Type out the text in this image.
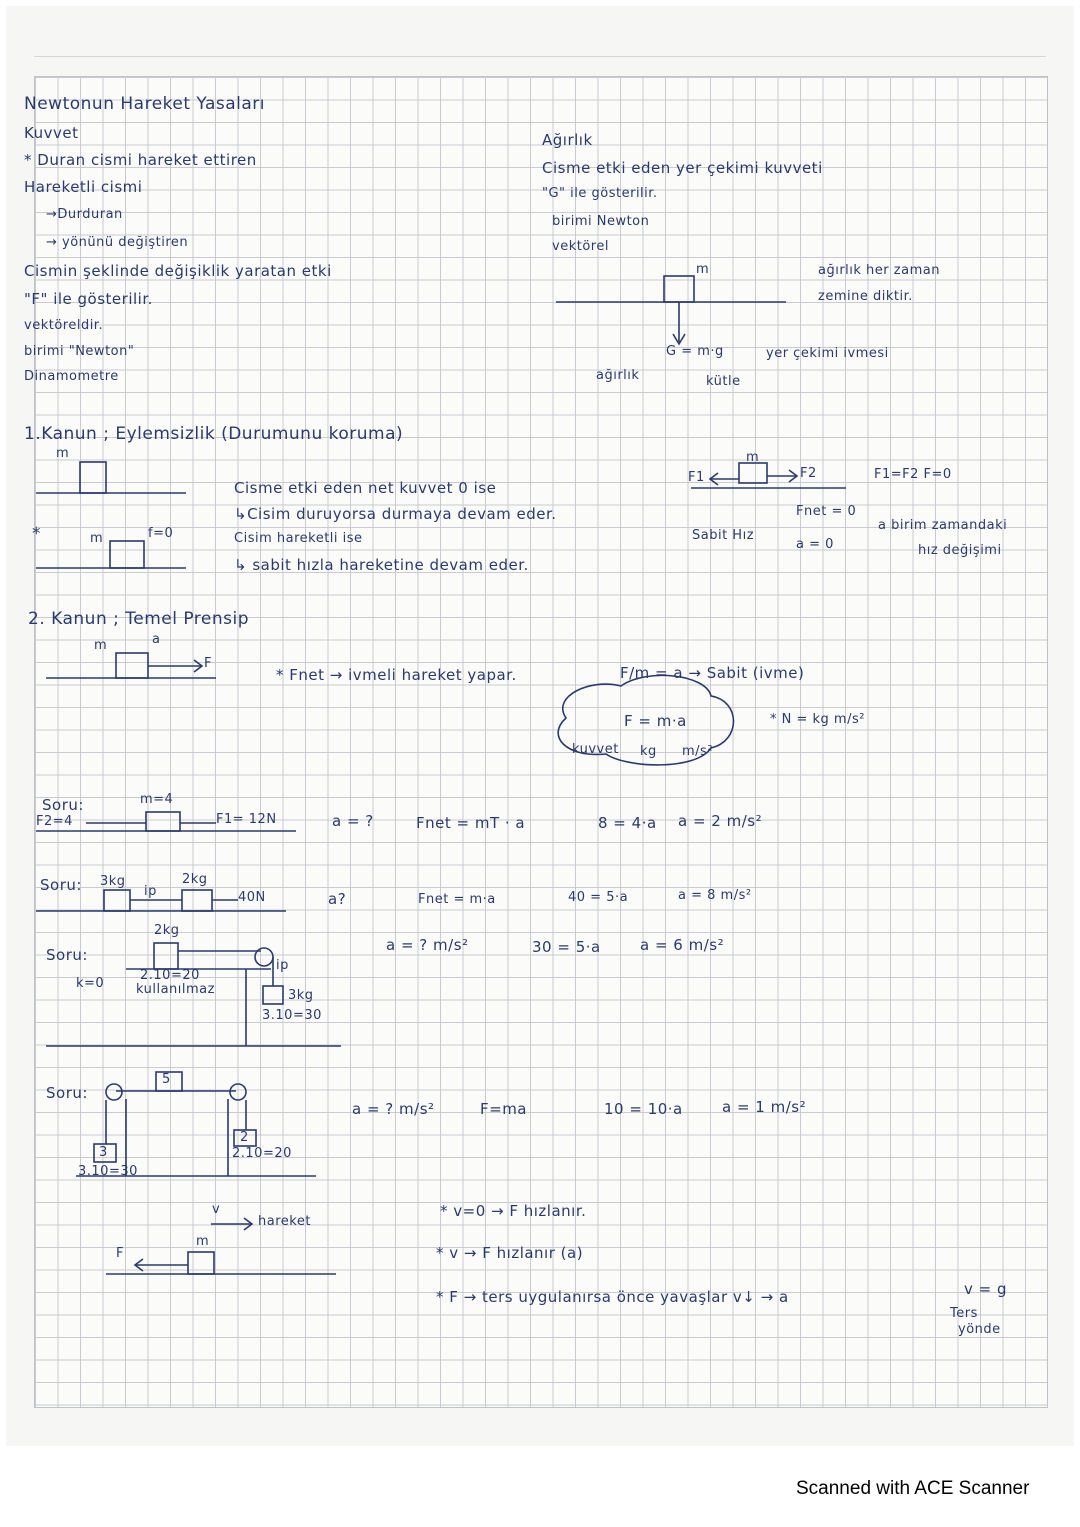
Newtonun Hareket Yasaları
Kuvvet
* Duran cismi hareket ettiren
Hareketli cismi
→Durduran
→ yönünü değiştiren
Cismin şeklinde değişiklik yaratan etki
"F" ile gösterilir.
vektöreldir.
birimi "Newton"
Dinamometre
Ağırlık
Cisme etki eden yer çekimi kuvveti
"G" ile gösterilir.
birimi Newton
vektörel
m	ağırlık her zaman
zemine diktir.
G = m·g	yer çekimi ivmesi
ağırlık	kütle
1.Kanun ; Eylemsizlik (Durumunu koruma)
m
*	m	f=0
Cisme etki eden net kuvvet 0 ise
↳Cisim duruyorsa durmaya devam eder.
Cisim hareketli ise
↳ sabit hızla hareketine devam eder.
F1	F2
m
F1=F2 F=0
Sabit Hız
Fnet = 0
a = 0
a birim zamandaki
hız değişimi
2. Kanun ; Temel Prensip
m	a
F
* Fnet → ivmeli hareket yapar.	F/m = a → Sabit (ivme)
F = m·a
kuvvet kg m/s²
* N = kg m/s²
Soru:	m=4
F2=4	F1= 12N	a = ?	Fnet = mT · a	8 = 4·a a = 2 m/s²
Soru: 3kg
ip
2kg
40N	a?	Fnet = m·a	40 = 5·a	a = 8 m/s²
Soru:
k=0
2kg
2.10=20
kullanılmaz
ip
3kg
3.10=30
a = ? m/s²	30 = 5·a	a = 6 m/s²
Soru:
5
3
3.10=30
2
2.10=20
a = ? m/s²	F=ma	10 = 10·a	a = 1 m/s²
v
hareket
F
m
* v=0 → F hızlanır.
* v → F hızlanır (a)
* F → ters uygulanırsa önce yavaşlar v↓ → a	v = g
Ters
yönde
Scanned with ACE Scanner
